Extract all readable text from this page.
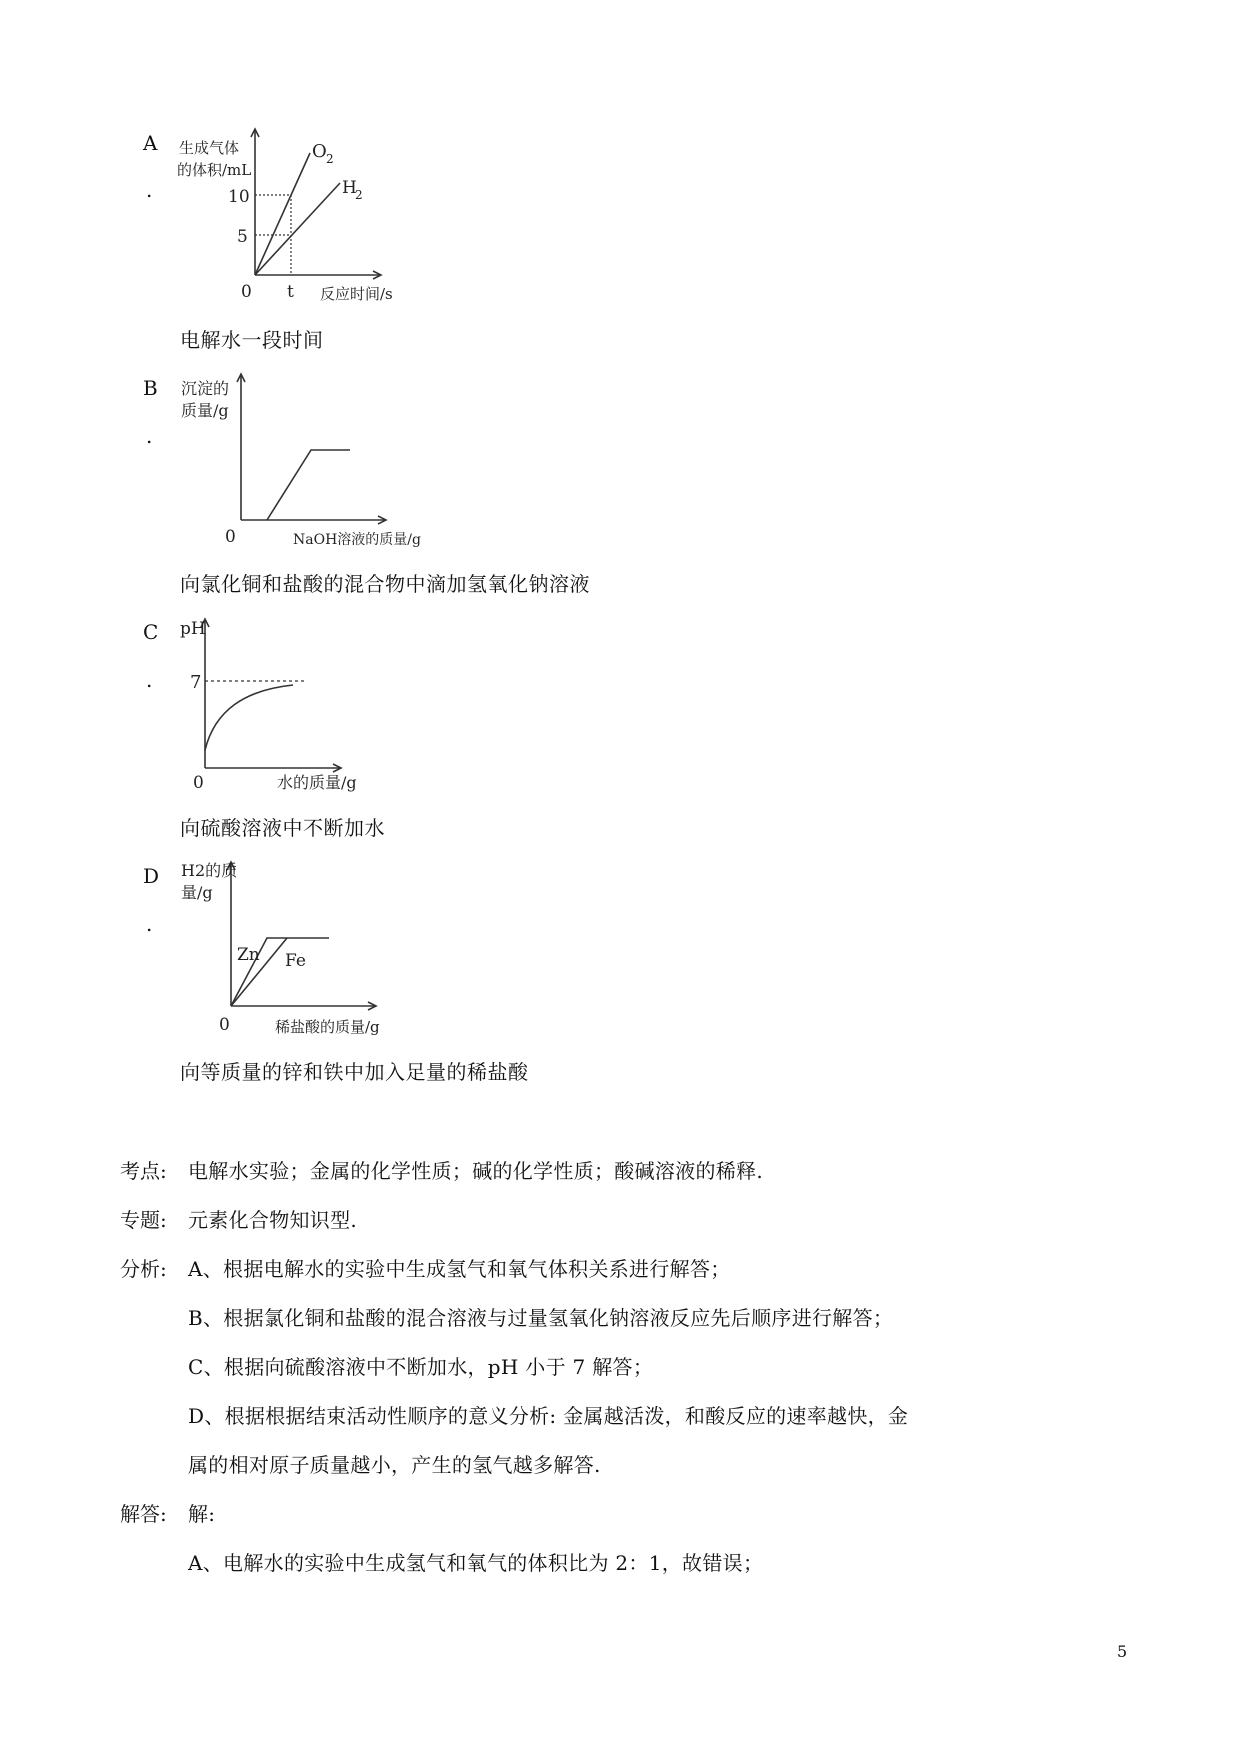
A
.
生成气体
的体积/mL
10
5
0 t 反应时间/s
O 2
H
2
电解水一段时间
B
.
沉淀的
质量/g
0	NaOH溶液的质量/g
向氯化铜和盐酸的混合物中滴加氢氧化钠溶液
C
.
pH
7
0	水的质量/g
向硫酸溶液中不断加水
D
.
H2的质
量/g
Zn Fe
0	稀盐酸的质量/g
向等质量的锌和铁中加入足量的稀盐酸
考点: 电解水实验；金属的化学性质；碱的化学性质；酸碱溶液的稀释.
专题: 元素化合物知识型.
分析: A、根据电解水的实验中生成氢气和氧气体积关系进行解答；
B、根据氯化铜和盐酸的混合溶液与过量氢氧化钠溶液反应先后顺序进行解答；
C、根据向硫酸溶液中不断加水，pH 小于 7 解答；
D、根据根据结束活动性顺序的意义分析: 金属越活泼，和酸反应的速率越快，金
属的相对原子质量越小，产生的氢气越多解答.
解答: 解:
A、电解水的实验中生成氢气和氧气的体积比为 2：1，故错误；
5
